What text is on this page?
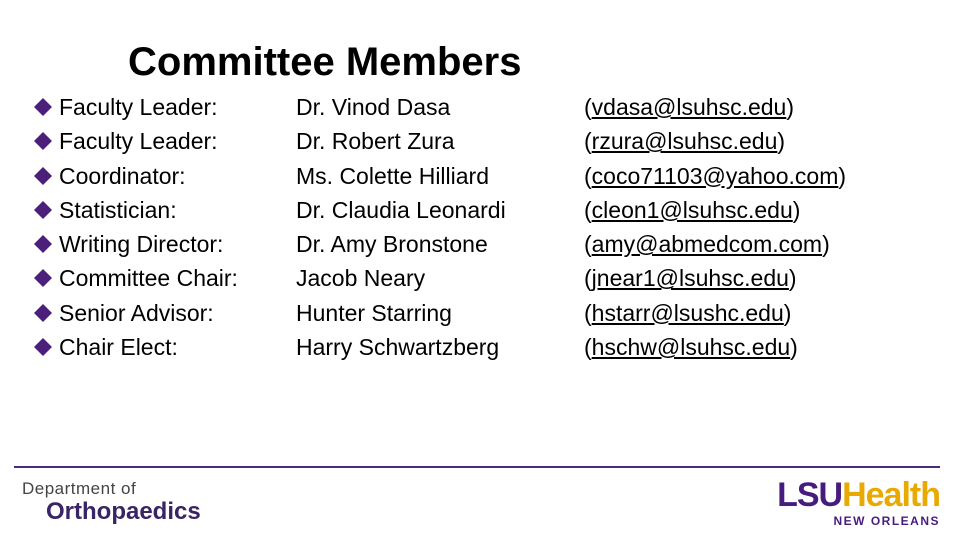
Committee Members
Faculty Leader:
Faculty Leader:
Coordinator:
Statistician:
Writing Director:
Committee Chair:
Senior Advisor:
Chair Elect:
Dr. Vinod Dasa
Dr. Robert Zura
Ms. Colette Hilliard
Dr. Claudia Leonardi
Dr. Amy Bronstone
Jacob Neary
Hunter Starring
Harry Schwartzberg
(vdasa@lsuhsc.edu)
(rzura@lsuhsc.edu)
(coco71103@yahoo.com)
(cleon1@lsuhsc.edu)
(amy@abmedcom.com)
(jnear1@lsuhsc.edu)
(hstarr@lsushc.edu)
(hschw@lsuhsc.edu)
Department of
Orthopaedics	LSUHealth
NEW ORLEANS
